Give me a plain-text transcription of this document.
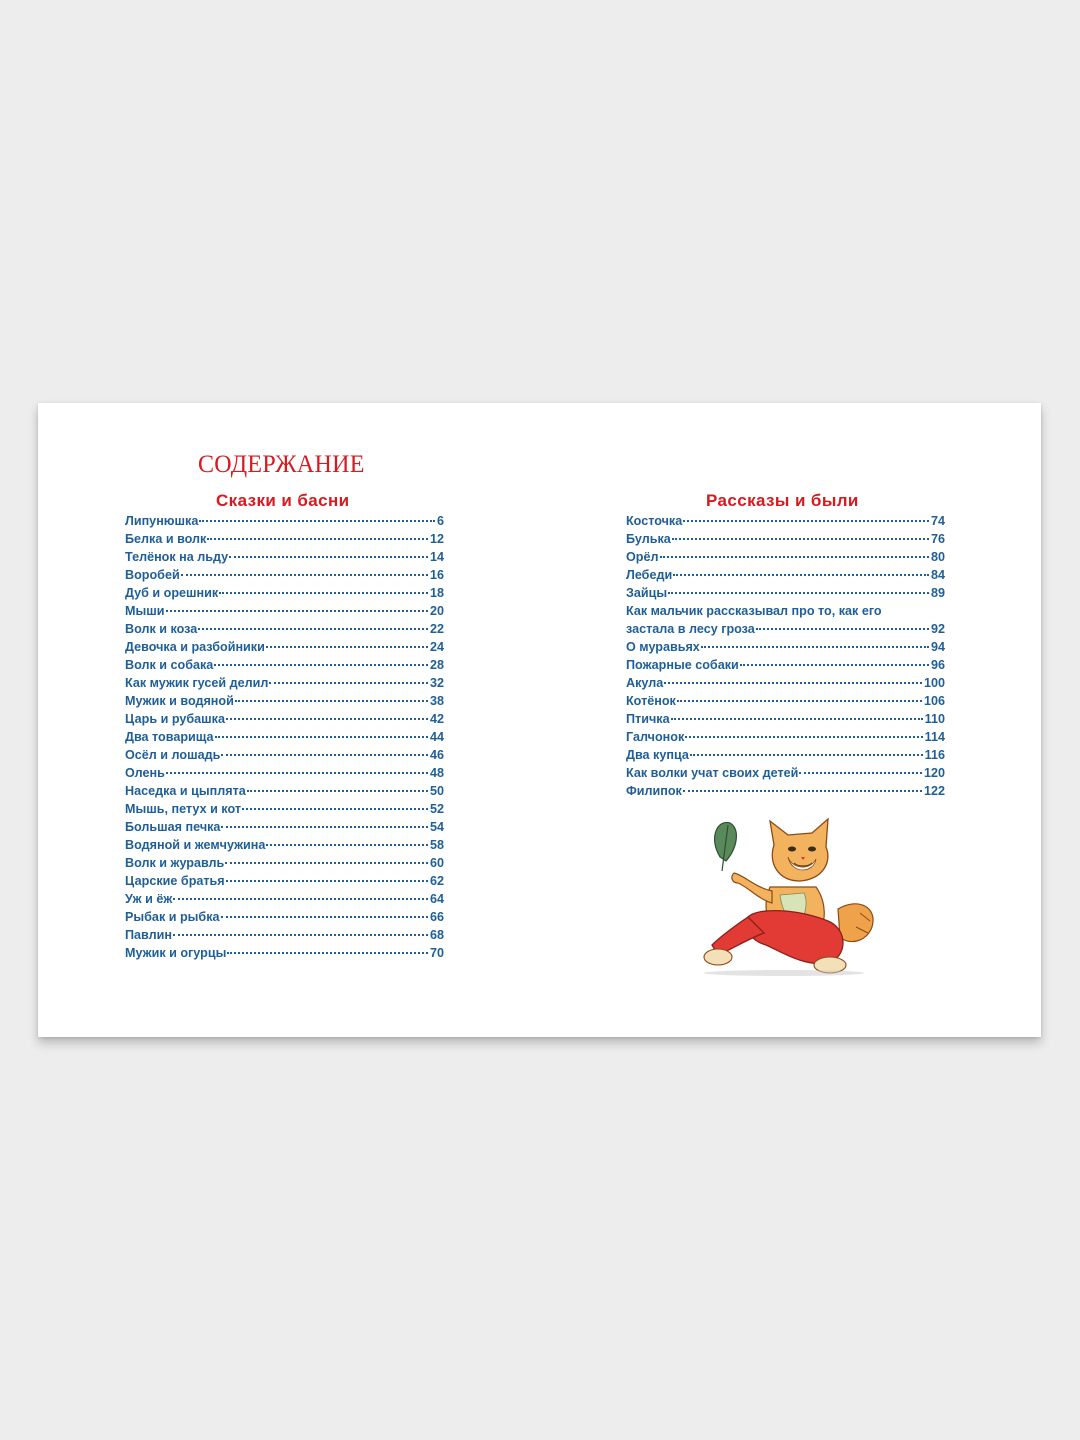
СОДЕРЖАНИЕ
Сказки и басни
Липунюшка	6
Белка и волк	12
Телёнок на льду	14
Воробей	16
Дуб и орешник	18
Мыши	20
Волк и коза	22
Девочка и разбойники	24
Волк и собака	28
Как мужик гусей делил	32
Мужик и водяной	38
Царь и рубашка	42
Два товарища	44
Осёл и лошадь	46
Олень	48
Наседка и цыплята	50
Мышь, петух и кот	52
Большая печка	54
Водяной и жемчужина	58
Волк и журавль	60
Царские братья	62
Уж и ёж	64
Рыбак и рыбка	66
Павлин	68
Мужик и огурцы	70
Рассказы и были
Косточка	74
Булька	76
Орёл	80
Лебеди	84
Зайцы	89
Как мальчик рассказывал про то, как его
застала в лесу гроза	92
О муравьях	94
Пожарные собаки	96
Акула	100
Котёнок	106
Птичка	110
Галчонок	114
Два купца	116
Как волки учат своих детей	120
Филипок	122
